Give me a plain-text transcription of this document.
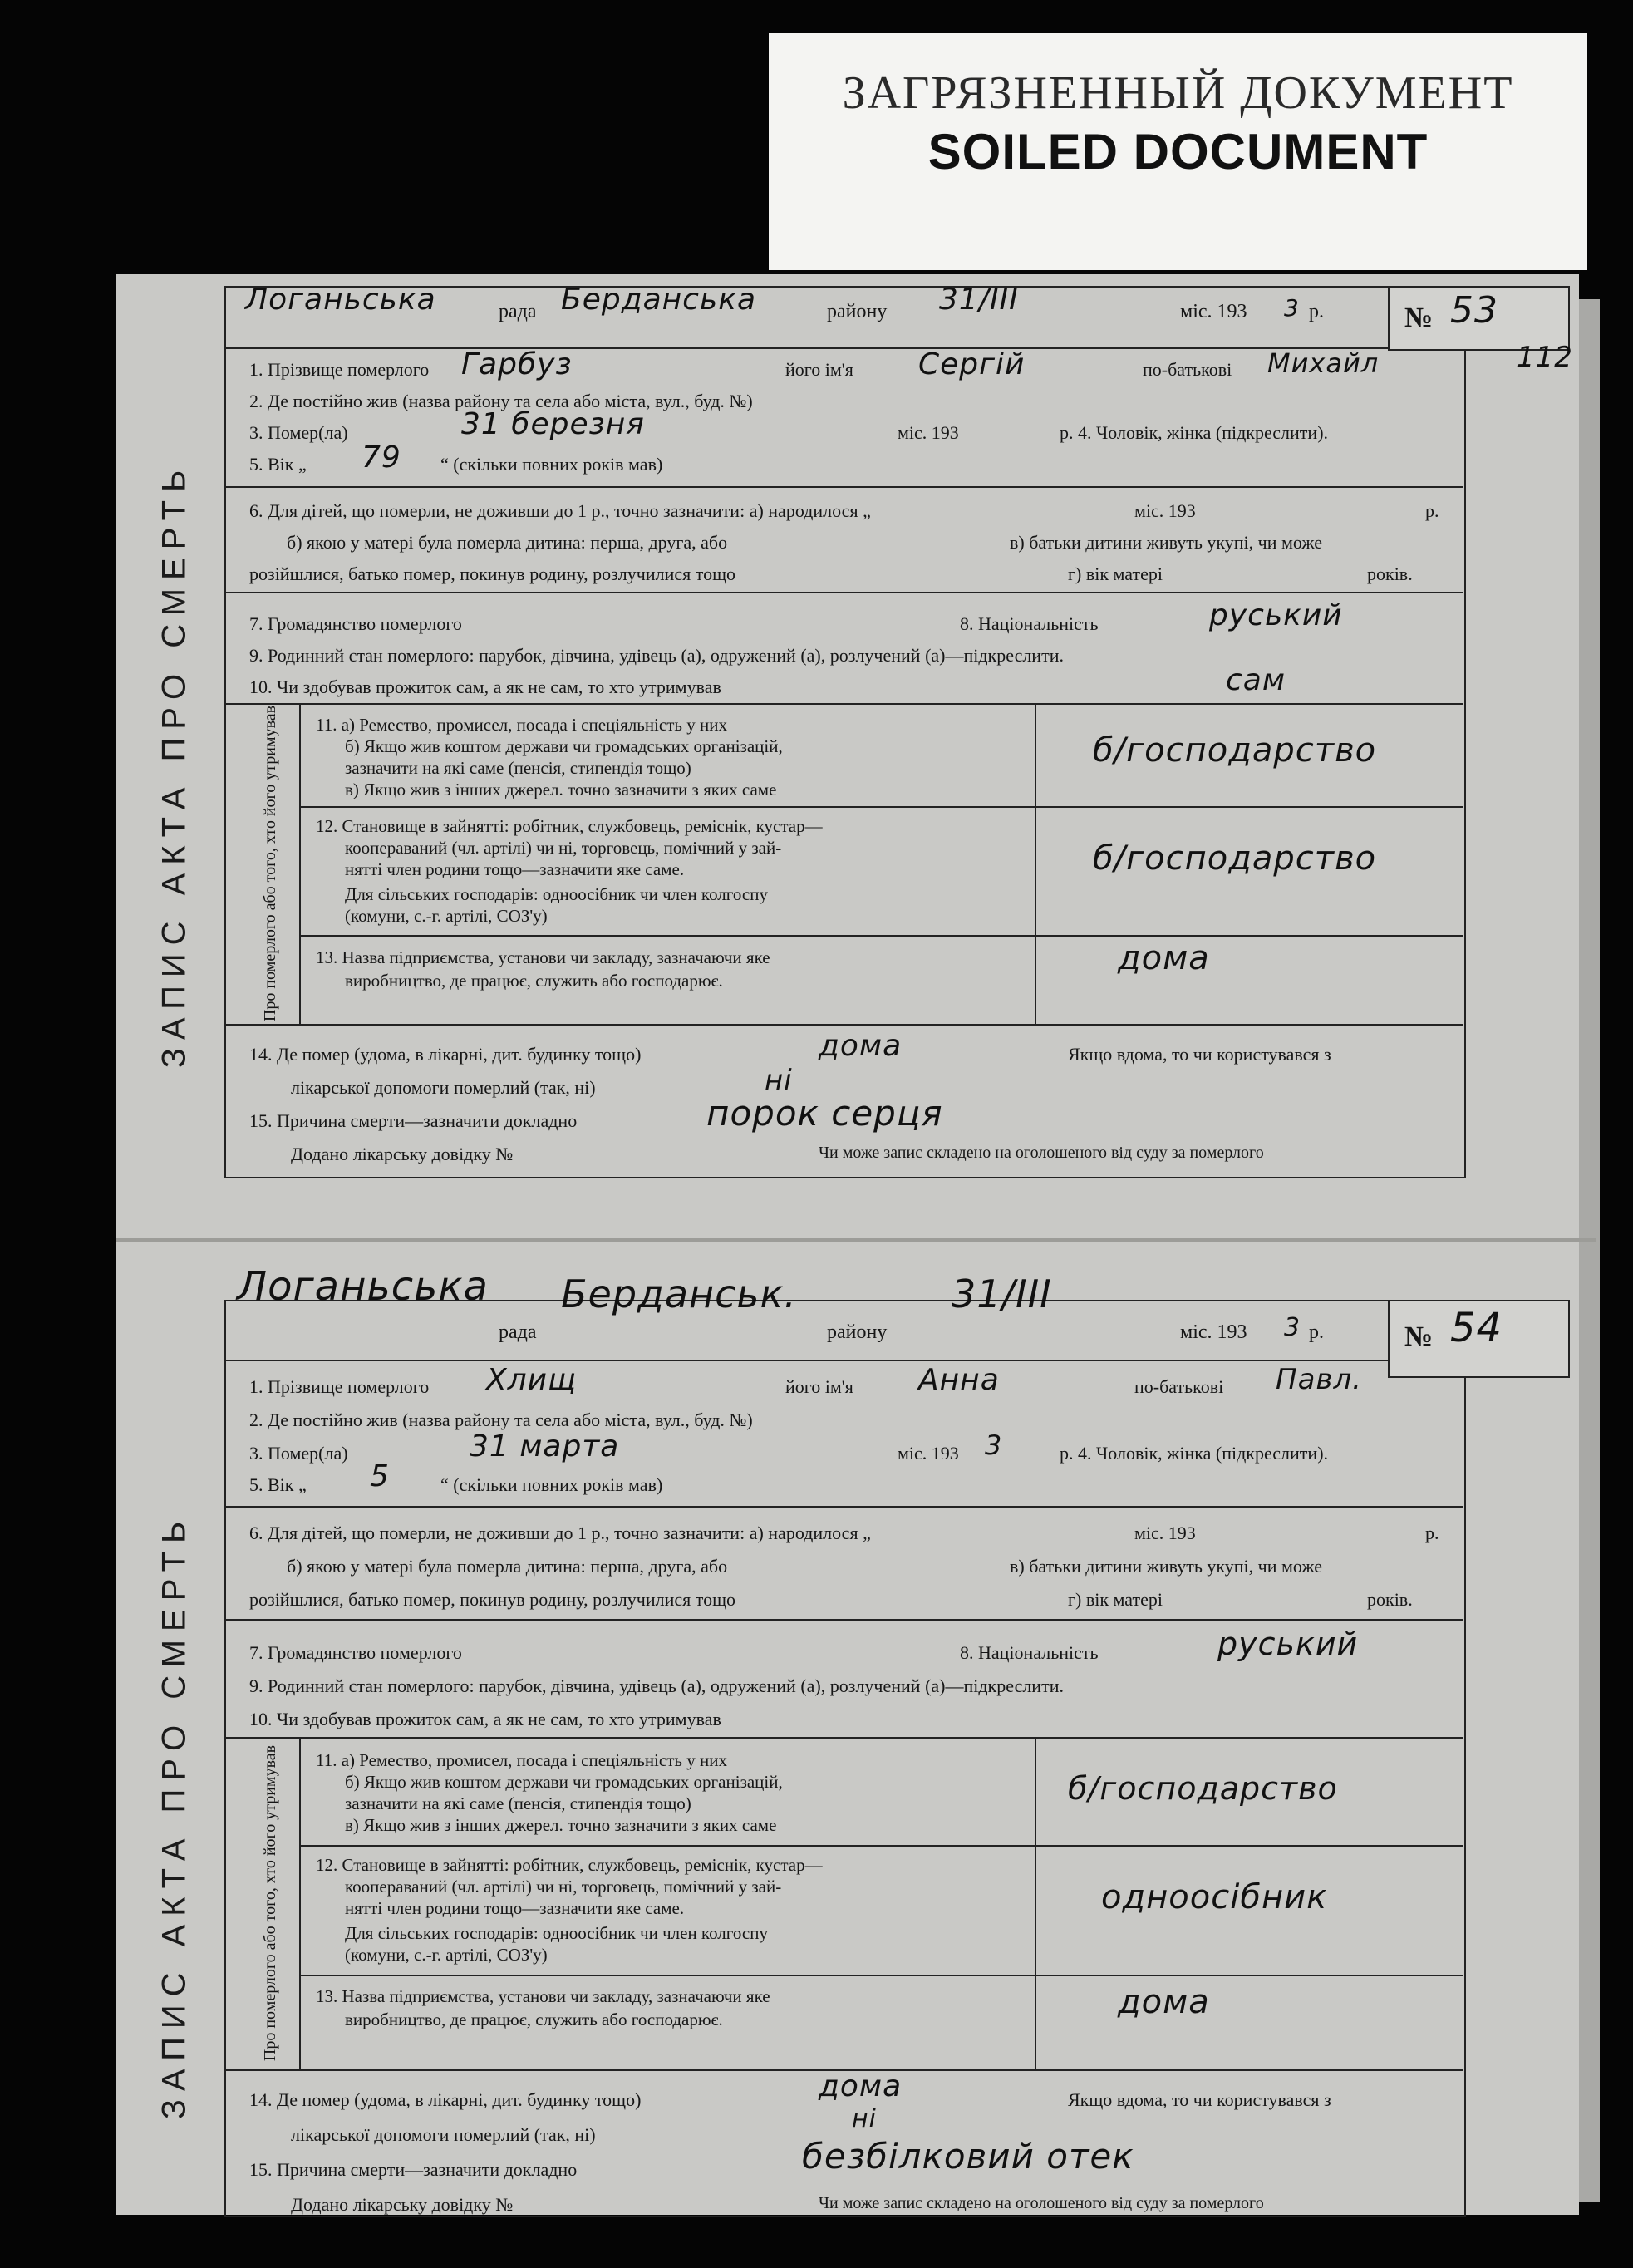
ЗАГРЯЗНЕННЫЙ ДОКУМЕНТ
SOILED DOCUMENT
ЗАПИС АКТА ПРО СМЕРТЬ
Логаньська	рада Берданська	району 31/III	міс. 193 3 р.	№ 53
112
1. Прізвище померлого Гарбуз	його ім'я Сергій	по-батькові Михайл
2. Де постійно жив (назва району та села або міста, вул., буд. №)
3. Помер(ла)	31 березня	міс. 193	р. 4. Чоловік, жінка (підкреслити).
5. Вік „ 79 “ (скільки повних років мав)
6. Для дітей, що померли, не доживши до 1 р., точно зазначити: а) народилося „	міс. 193	р.
б) якою у матері була померла дитина: перша, друга, або	в) батьки дитини живуть укупі, чи може
розійшлися, батько помер, покинув родину, розлучилися тощо	г) вік матері	років.
7. Громадянство померлого	8. Національність	руський
9. Родинний стан померлого: парубок, дівчина, удівець (а), одружений (а), розлучений (а)—підкреслити.
10. Чи здобував прожиток сам, а як не сам, то хто утримував	сам
Про померлого або того, хто його утримував 11. а) Ремество, промисел, посада і спеціяльність у них
б) Якщо жив коштом держави чи громадських організацій,
зазначити на які саме (пенсія, стипендія тощо)
в) Якщо жив з інших джерел. точно зазначити з яких саме
б/господарство
12. Становище в зайнятті: робітник, службовець, реміснік, кустар—
коопераваний (чл. артілі) чи ні, торговець, помічний у зай-
нятті член родини тощо—зазначити яке саме.
Для сільських господарів: одноосібник чи член колгоспу
(комуни, с.-г. артілі, СОЗ'у)
б/господарство
13. Назва підприємства, установи чи закладу, зазначаючи яке
виробництво, де працює, служить або господарює.
дома
14. Де помер (удома, в лікарні, дит. будинку тощо)	дома	Якщо вдома, то чи користувався з
лікарської допомоги померлий (так, ні)	ні
15. Причина смерти—зазначити докладно	порок серця
Додано лікарську довідку №	Чи може запис складено на оголошеного від суду за померлого
ЗАПИС АКТА ПРО СМЕРТЬ
Логаньська
рада
Берданськ.
району
31/III
міс. 193 3 р.	№ 54
1. Прізвище померлого Хлищ	його ім'я Анна	по-батькові Павл.
2. Де постійно жив (назва району та села або міста, вул., буд. №)
3. Помер(ла)	31 марта	міс. 193 3	р. 4. Чоловік, жінка (підкреслити).
5. Вік „ 5	“ (скільки повних років мав)
6. Для дітей, що померли, не доживши до 1 р., точно зазначити: а) народилося „	міс. 193	р.
б) якою у матері була померла дитина: перша, друга, або	в) батьки дитини живуть укупі, чи може
розійшлися, батько помер, покинув родину, розлучилися тощо	г) вік матері	років.
7. Громадянство померлого	8. Національність	руський
9. Родинний стан померлого: парубок, дівчина, удівець (а), одружений (а), розлучений (а)—підкреслити.
10. Чи здобував прожиток сам, а як не сам, то хто утримував
Про померлого або того, хто його утримував 11. а) Ремество, промисел, посада і спеціяльність у них
б) Якщо жив коштом держави чи громадських організацій,
зазначити на які саме (пенсія, стипендія тощо)
в) Якщо жив з інших джерел. точно зазначити з яких саме
б/господарство
12. Становище в зайнятті: робітник, службовець, реміснік, кустар—
коопераваний (чл. артілі) чи ні, торговець, помічний у зай-
нятті член родини тощо—зазначити яке саме.
Для сільських господарів: одноосібник чи член колгоспу
(комуни, с.-г. артілі, СОЗ'у)
одноосібник
13. Назва підприємства, установи чи закладу, зазначаючи яке
виробництво, де працює, служить або господарює.	дома
14. Де помер (удома, в лікарні, дит. будинку тощо)	дома	Якщо вдома, то чи користувався з
лікарської допомоги померлий (так, ні)
ні
15. Причина смерти—зазначити докладно	безбілковий отек
Додано лікарську довідку №	Чи може запис складено на оголошеного від суду за померлого
